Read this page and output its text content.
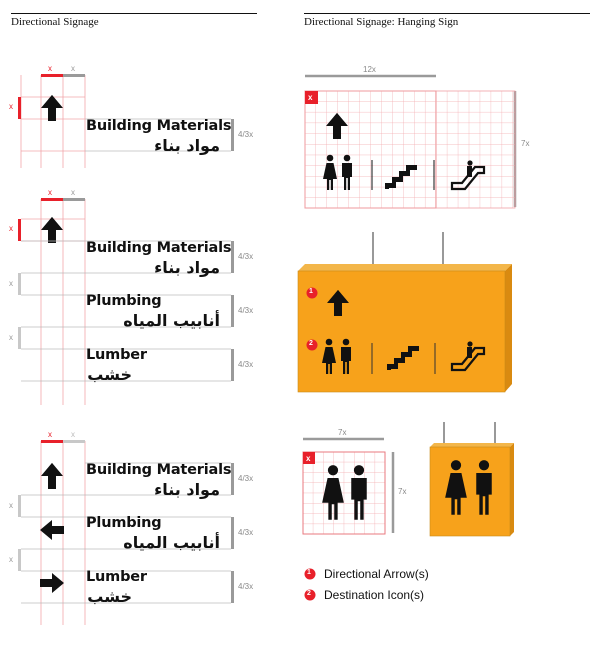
Directional Signage	Directional Signage: Hanging Sign
x x
x
Building Materials
مواد بناء
4/3x
x x
x
Building Materials
مواد بناء
4/3x
x
Plumbing
أنابيب المياه
4/3x
x
Lumber
خشب
4/3x
x x
Building Materials
مواد بناء
4/3x
x
Plumbing
أنابيب المياه
4/3x
x
Lumber
خشب
4/3x
12x
7x
x
1
2
7x
7x
x
1 Directional Arrow(s)
2 Destination Icon(s)
